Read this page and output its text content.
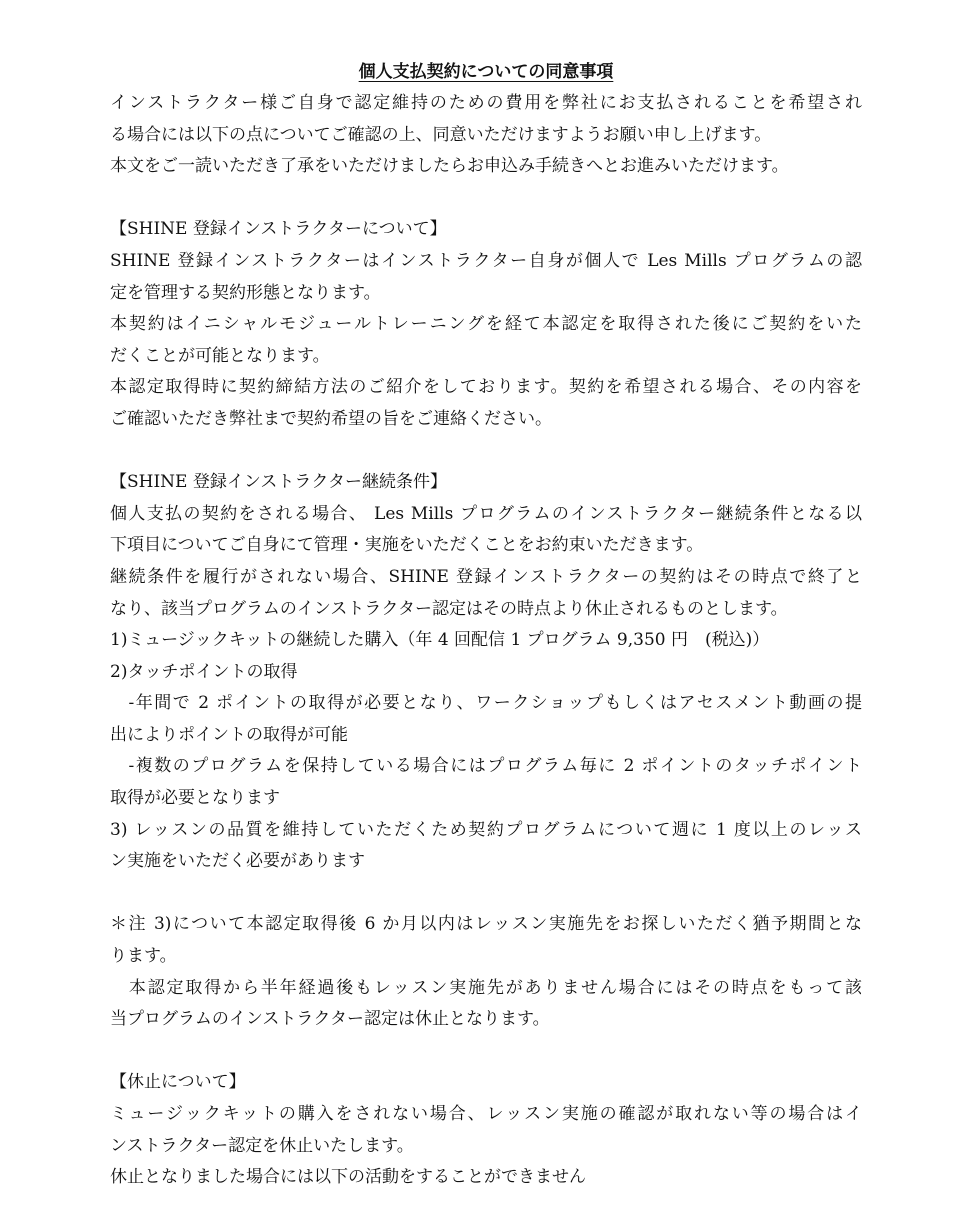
個人支払契約についての同意事項

インストラクター様ご自身で認定維持のための費用を弊社にお支払されることを希望され

る場合には以下の点についてご確認の上、同意いただけますようお願い申し上げます。

本文をご一読いただき了承をいただけましたらお申込み手続きへとお進みいただけます。

【SHINE 登録インストラクターについて】

SHINE 登録インストラクターはインストラクター自身が個人で Les Mills プログラムの認

定を管理する契約形態となります。

本契約はイニシャルモジュールトレーニングを経て本認定を取得された後にご契約をいた

だくことが可能となります。

本認定取得時に契約締結方法のご紹介をしております。契約を希望される場合、その内容を

ご確認いただき弊社まで契約希望の旨をご連絡ください。

【SHINE 登録インストラクター継続条件】

個人支払の契約をされる場合、 Les Mills プログラムのインストラクター継続条件となる以

下項目についてご自身にて管理・実施をいただくことをお約束いただきます。

継続条件を履行がされない場合、SHINE 登録インストラクターの契約はその時点で終了と

なり、該当プログラムのインストラクター認定はその時点より休止されるものとします。

1)ミュージックキットの継続した購入（年 4 回配信 1 プログラム 9,350 円　(税込)）

2)タッチポイントの取得

　-年間で 2 ポイントの取得が必要となり、ワークショップもしくはアセスメント動画の提

出によりポイントの取得が可能

　-複数のプログラムを保持している場合にはプログラム毎に 2 ポイントのタッチポイント

取得が必要となります

3) レッスンの品質を維持していただくため契約プログラムについて週に 1 度以上のレッス

ン実施をいただく必要があります

＊注 3)について本認定取得後 6 か月以内はレッスン実施先をお探しいただく猶予期間とな

ります。

　本認定取得から半年経過後もレッスン実施先がありません場合にはその時点をもって該

当プログラムのインストラクター認定は休止となります。

【休止について】

ミュージックキットの購入をされない場合、レッスン実施の確認が取れない等の場合はイ

ンストラクター認定を休止いたします。

休止となりました場合には以下の活動をすることができません
